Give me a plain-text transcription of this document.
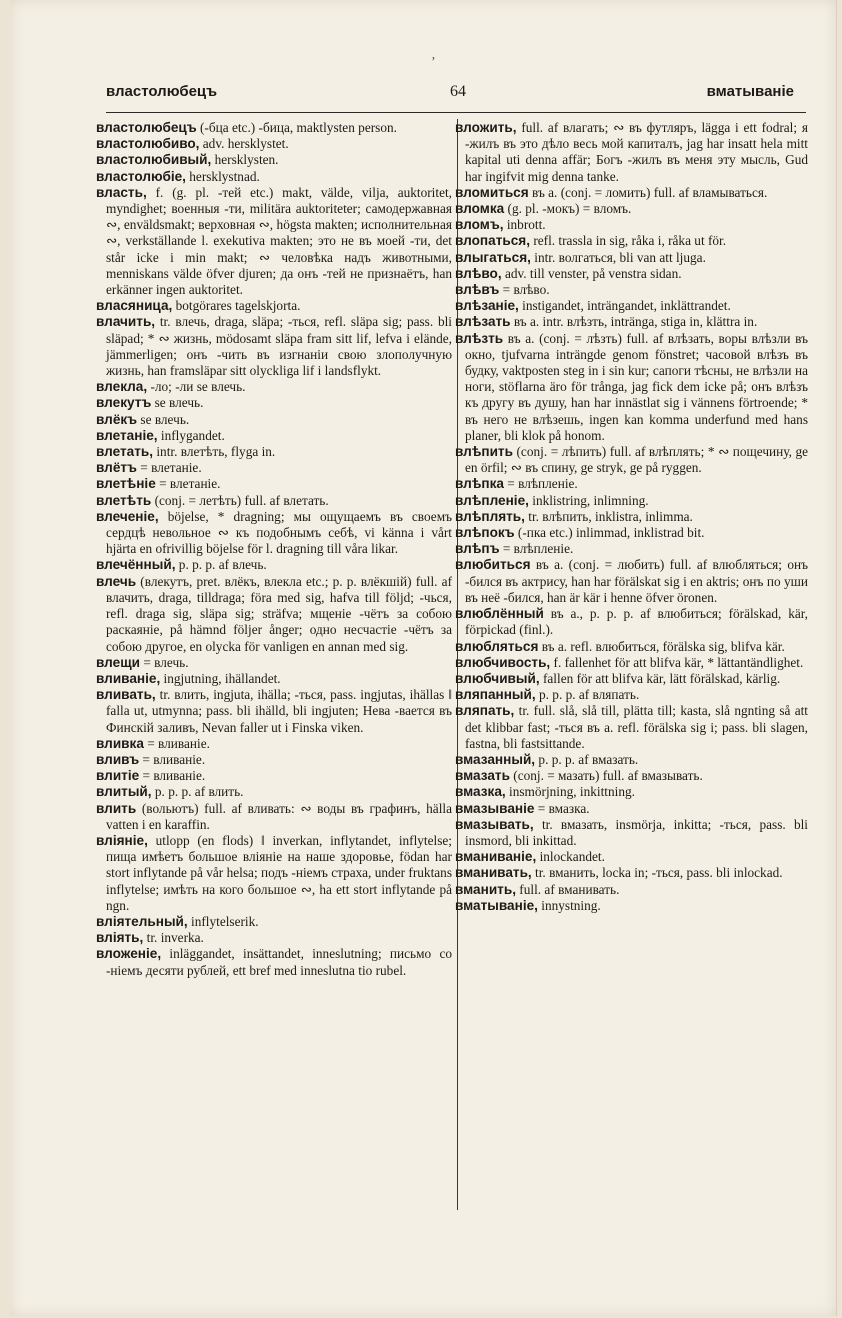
ʼ
властолюбецъ	64	вматываніе

властолюбецъ (-бца etc.) -бица, maktlysten person.

властолюбиво, adv. hersklystet.

властолюбивый, hersklysten.

властолюбіе, hersklystnad.

власть, f. (g. pl. -тей etc.) makt, välde, vilja, auktoritet, myndighet; военныя -ти, militära auktoriteter; самодержавная ∾, enväldsmakt; верховная ∾, högsta makten; исполнительная ∾, verkställande l. exekutiva makten; это не въ моей -ти, det står icke i min makt; ∾ человѣка надъ животными, menniskans välde öfver djuren; да онъ -тей не признаётъ, han erkänner ingen auktoritet.

власяница, botgörares tagelskjorta.

влачить, tr. влечь, draga, släpa; -ться, refl. släpa sig; pass. bli släpad; * ∾ жизнь, mödosamt släpa fram sitt lif, lefva i elände, jämmerligen; онъ -чить въ изгнаніи свою злополучную жизнь, han framsläpar sitt olyckliga lif i landsflykt.

влекла, -ло; -ли se влечь.

влекутъ se влечь.

влёкъ se влечь.

влетаніе, inflygandet.

влетать, intr. влетѣть, flyga in.

влётъ = влетаніе.

влетѣніе = влетаніе.

влетѣть (conj. = летѣть) full. af влетать.

влеченіе, böjelse, * dragning; мы ощущаемъ въ своемъ сердцѣ невольное ∾ къ подобнымъ себѣ, vi känna i vårt hjärta en ofrivillig böjelse för l. dragning till våra likar.

влечённый, p. p. p. af влечь.

влечь (влекутъ, pret. влёкъ, влекла etc.; p. p. влёкшій) full. af влачить, draga, tilldraga; föra med sig, hafva till följd; -чься, refl. draga sig, släpa sig; sträfva; мщеніе -чётъ за собою раскаяніе, på hämnd följer ånger; одно несчастіе -чётъ за собою другое, en olycka för vanligen en annan med sig.

влещи = влечь.

вливаніе, ingjutning, ihällandet.

вливать, tr. влить, ingjuta, ihälla; -ться, pass. ingjutas, ihällas ‖ falla ut, utmynna; pass. bli ihälld, bli ingjuten; Нева -вается въ Финскій заливъ, Nevan faller ut i Finska viken.

вливка = вливаніе.

вливъ = вливаніе.

влитіе = вливаніе.

влитый, p. p. p. af влить.

влить (вольютъ) full. af вливать: ∾ воды въ графинъ, hälla vatten i en karaffin.

вліяніе, utlopp (en flods) ‖ inverkan, inflytandet, inflytelse; пища имѣетъ большое вліяніе на наше здоровье, födan har stort inflytande på vår helsa; подъ -ніемъ страха, under fruktans inflytelse; имѣть на кого большое ∾, ha ett stort inflytande på ngn.

вліятельный, inflytelserik.

вліять, tr. inverka.

вложеніе, inläggandet, insättandet, inneslutning; письмо со -ніемъ десяти рублей, ett bref med inneslutna tio rubel.

вложить, full. af влагать; ∾ въ футляръ, lägga i ett fodral; я -жилъ въ это дѣло весь мой капиталъ, jag har insatt hela mitt kapital uti denna affär; Богъ -жилъ въ меня эту мысль, Gud har ingifvit mig denna tanke.

вломиться въ a. (conj. = ломить) full. af вламываться.

вломка (g. pl. -мокъ) = вломъ.

вломъ, inbrott.

влопаться, refl. trassla in sig, råka i, råka ut för.

влыгаться, intr. волгаться, bli van att ljuga.

влѣво, adv. till venster, på venstra sidan.

влѣвъ = влѣво.

влѣзаніе, instigandet, inträngandet, inklättrandet.

влѣзать въ a. intr. влѣзть, inträngа, stiga in, klättra in.

влѣзть въ a. (conj. = лѣзть) full. af влѣзать, воры влѣзли въ окно, tjufvarna inträngde genom fönstret; часовой влѣзъ въ будку, vaktposten steg in i sin kur; сапоги тѣсны, не влѣзли на ноги, stöflarna äro för trånga, jag fick dem icke på; онъ влѣзъ къ другу въ душу, han har innästlat sig i vännens förtroende; * въ него не влѣзешь, ingen kan komma underfund med hans planer, bli klok på honom.

влѣпить (conj. = лѣпить) full. af влѣплять; * ∾ пощечину, ge en örfil; ∾ въ спину, ge stryk, ge på ryggen.

влѣпка = влѣпленіе.

влѣпленіе, inklistring, inlimning.

влѣплять, tr. влѣпить, inklistra, inlimma.

влѣпокъ (-пка etc.) inlimmad, inklistrad bit.

влѣпъ = влѣпленіе.

влюбиться въ a. (conj. = любить) full. af влюбляться; онъ -бился въ актрису, han har förälskat sig i en aktris; онъ по уши въ неё -бился, han är kär i henne öfver öronen.

влюблённый въ a., p. p. p. af влюбиться; förälskad, kär, förpickad (finl.).

влюбляться въ a. refl. влюбиться, förälska sig, blifva kär.

влюбчивость, f. fallenhet för att blifva kär, * lättantändlighet.

влюбчивый, fallen för att blifva kär, lätt förälskad, kärlig.

вляпанный, p. p. p. af вляпать.

вляпать, tr. full. slå, slå till, plätta till; kasta, slå ngnting så att det klibbar fast; -ться въ a. refl. förälska sig i; pass. bli slagen, fastna, bli fastsittande.

вмазанный, p. p. p. af вмазать.

вмазать (conj. = мазать) full. af вмазывать.

вмазка, insmörjning, inkittning.

вмазываніе = вмазка.

вмазывать, tr. вмазать, insmörja, inkitta; -ться, pass. bli insmord, bli inkittad.

вманиваніе, inlockandet.

вманивать, tr. вманить, locka in; -ться, pass. bli inlockad.

вманить, full. af вманивать.

вматываніе, innystning.
